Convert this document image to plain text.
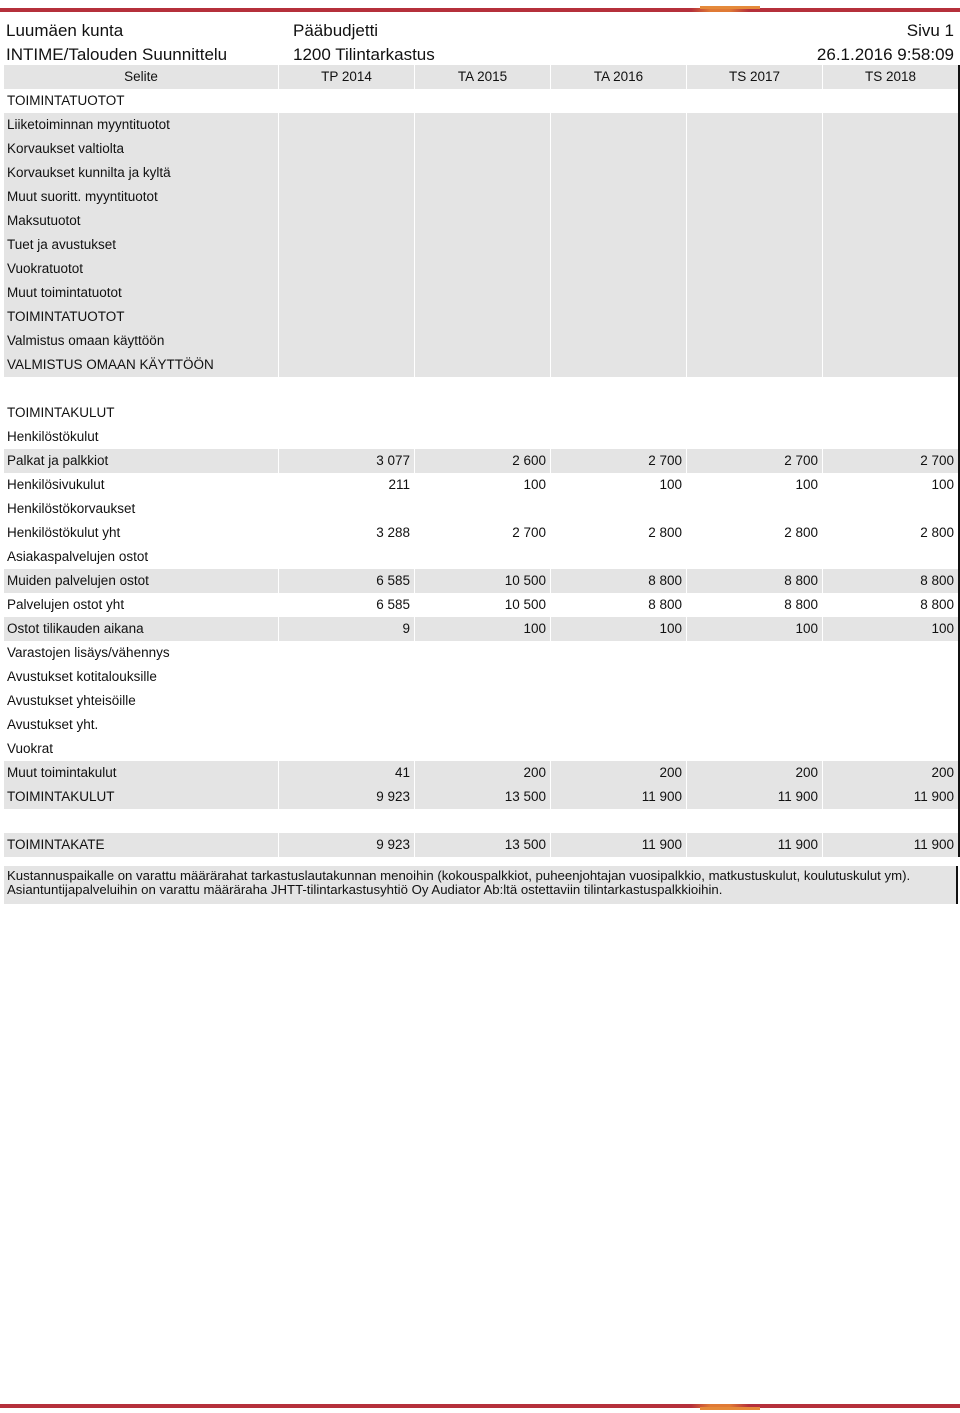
Luumäen kunta
INTIME/Talouden Suunnittelu
Pääbudjetti
1200 Tilintarkastus
Sivu 1
26.1.2016 9:58:09
Selite	TP 2014	TA 2015	TA 2016	TS 2017	TS 2018
TOIMINTATUOTOT
Liiketoiminnan myyntituotot
Korvaukset valtiolta
Korvaukset kunnilta ja kyltä
Muut suoritt. myyntituotot
Maksutuotot
Tuet ja avustukset
Vuokratuotot
Muut toimintatuotot
TOIMINTATUOTOT
Valmistus omaan käyttöön
VALMISTUS OMAAN KÄYTTÖÖN
TOIMINTAKULUT
Henkilöstökulut
Palkat ja palkkiot	3 077	2 600	2 700	2 700	2 700
Henkilösivukulut	211	100	100	100	100
Henkilöstökorvaukset
Henkilöstökulut yht	3 288	2 700	2 800	2 800	2 800
Asiakaspalvelujen ostot
Muiden palvelujen ostot	6 585	10 500	8 800	8 800	8 800
Palvelujen ostot yht	6 585	10 500	8 800	8 800	8 800
Ostot tilikauden aikana	9	100	100	100	100
Varastojen lisäys/vähennys
Avustukset kotitalouksille
Avustukset yhteisöille
Avustukset yht.
Vuokrat
Muut toimintakulut	41	200	200	200	200
TOIMINTAKULUT	9 923	13 500	11 900	11 900	11 900
TOIMINTAKATE	9 923	13 500	11 900	11 900	11 900
Kustannuspaikalle on varattu määrärahat tarkastuslautakunnan menoihin (kokouspalkkiot, puheenjohtajan vuosipalkkio, matkustuskulut, koulutuskulut ym).
Asiantuntijapalveluihin on varattu määräraha JHTT-tilintarkastusyhtiö Oy Audiator Ab:ltä ostettaviin tilintarkastuspalkkioihin.
